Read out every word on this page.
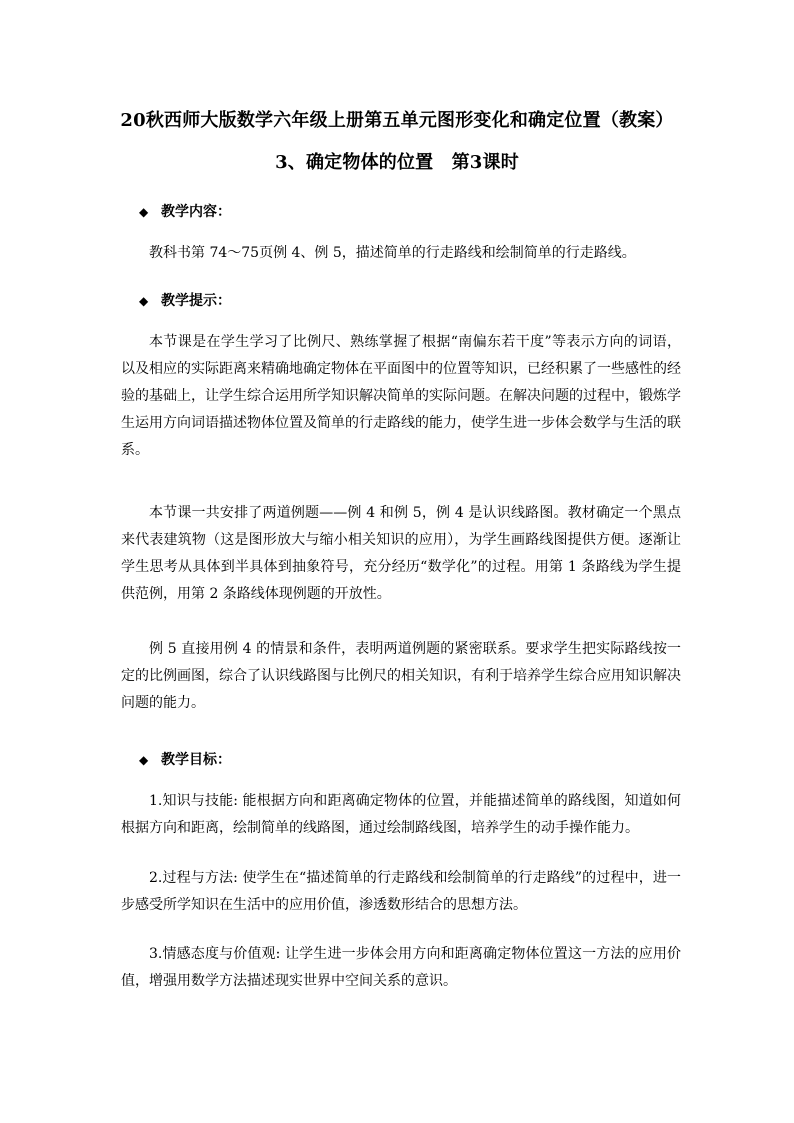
20秋西师大版数学六年级上册第五单元图形变化和确定位置（教案）
3、确定物体的位置　第3课时
◆ 教学内容：
教科书第 74～75页例 4、例 5，描述简单的行走路线和绘制简单的行走路线。
◆ 教学提示：
本节课是在学生学习了比例尺、熟练掌握了根据“南偏东若干度”等表示方向的词语，以及相应的实际距离来精确地确定物体在平面图中的位置等知识，已经积累了一些感性的经验的基础上，让学生综合运用所学知识解决简单的实际问题。在解决问题的过程中，锻炼学生运用方向词语描述物体位置及简单的行走路线的能力，使学生进一步体会数学与生活的联系。
本节课一共安排了两道例题——例 4 和例 5，例 4 是认识线路图。教材确定一个黑点来代表建筑物（这是图形放大与缩小相关知识的应用），为学生画路线图提供方便。逐渐让学生思考从具体到半具体到抽象符号，充分经历“数学化”的过程。用第 1 条路线为学生提供范例，用第 2 条路线体现例题的开放性。
例 5 直接用例 4 的情景和条件，表明两道例题的紧密联系。要求学生把实际路线按一定的比例画图，综合了认识线路图与比例尺的相关知识，有利于培养学生综合应用知识解决问题的能力。
◆ 教学目标：
1.知识与技能: 能根据方向和距离确定物体的位置，并能描述简单的路线图，知道如何根据方向和距离，绘制简单的线路图，通过绘制路线图，培养学生的动手操作能力。
2.过程与方法: 使学生在“描述简单的行走路线和绘制简单的行走路线”的过程中，进一步感受所学知识在生活中的应用价值，渗透数形结合的思想方法。
3.情感态度与价值观: 让学生进一步体会用方向和距离确定物体位置这一方法的应用价值，增强用数学方法描述现实世界中空间关系的意识。
